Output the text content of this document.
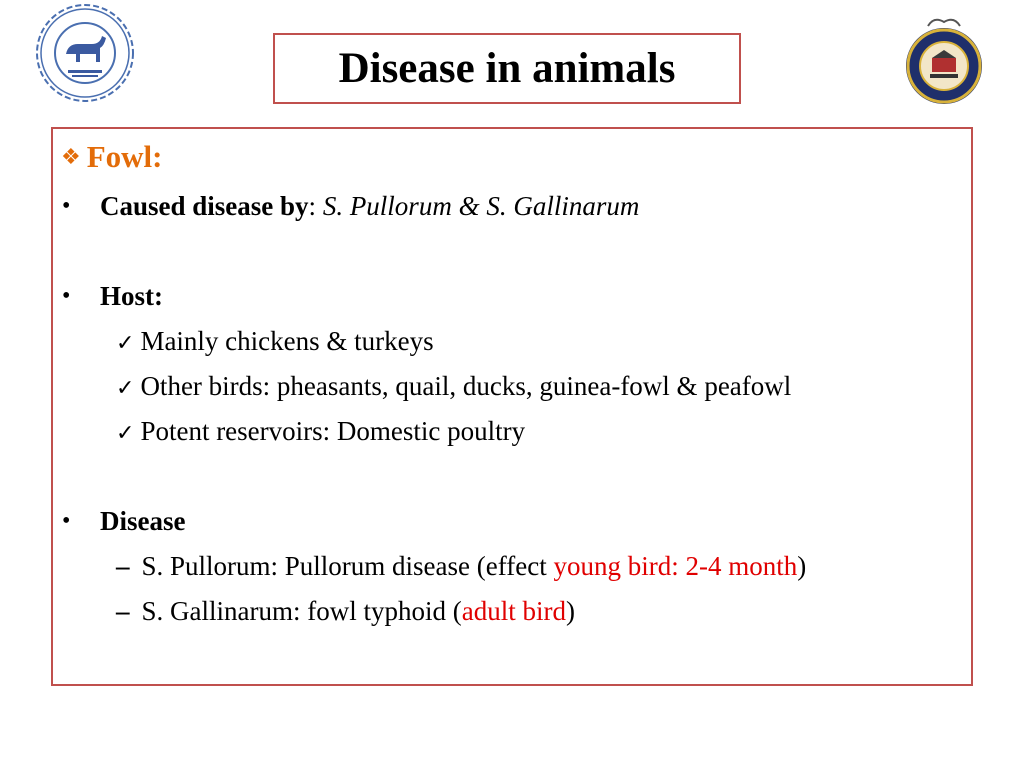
Disease in animals
❖ Fowl:
• Caused disease by: S. Pullorum & S. Gallinarum
• Host:
✓ Mainly chickens & turkeys
✓ Other birds: pheasants, quail, ducks, guinea-fowl & peafowl
✓ Potent reservoirs: Domestic poultry
• Disease
– S. Pullorum: Pullorum disease (effect young bird: 2-4 month)
– S. Gallinarum: fowl typhoid (adult bird)
